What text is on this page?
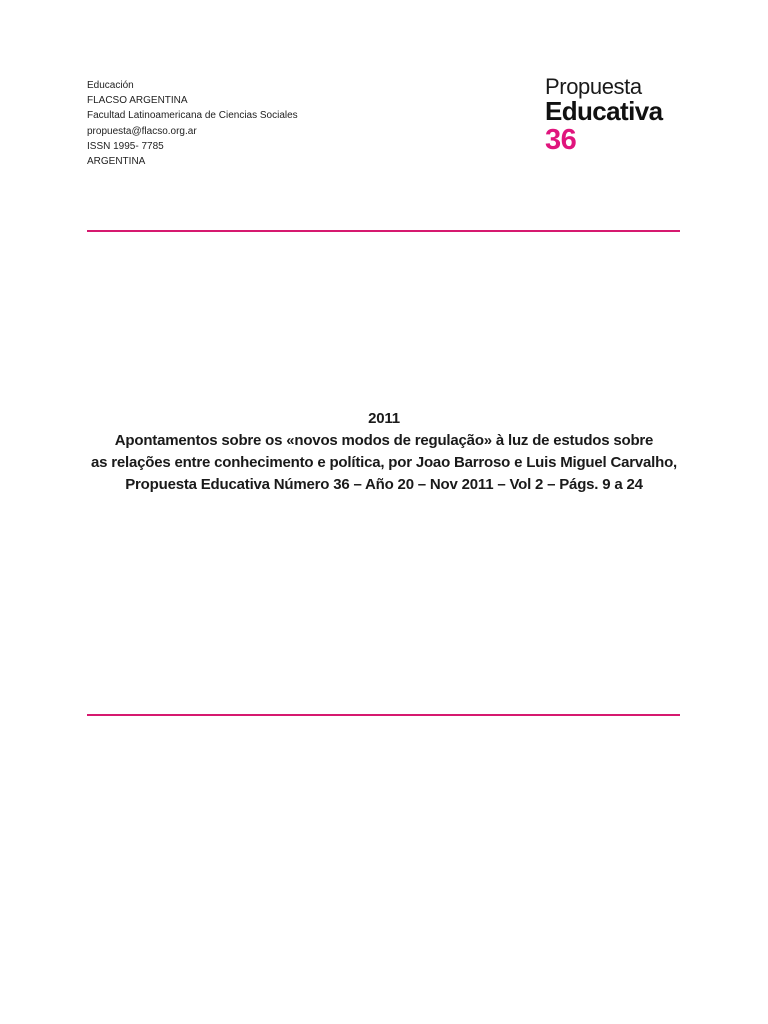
Educación
FLACSO ARGENTINA
Facultad Latinoamericana de Ciencias Sociales
propuesta@flacso.org.ar
ISSN 1995- 7785
ARGENTINA
Propuesta
Educativa
36
2011
Apontamentos sobre os «novos modos de regulação» à luz de estudos sobre
as relações entre conhecimento e política, por Joao Barroso e Luis Miguel Carvalho,
Propuesta Educativa Número 36 – Año 20 – Nov 2011 – Vol 2 – Págs. 9 a 24
